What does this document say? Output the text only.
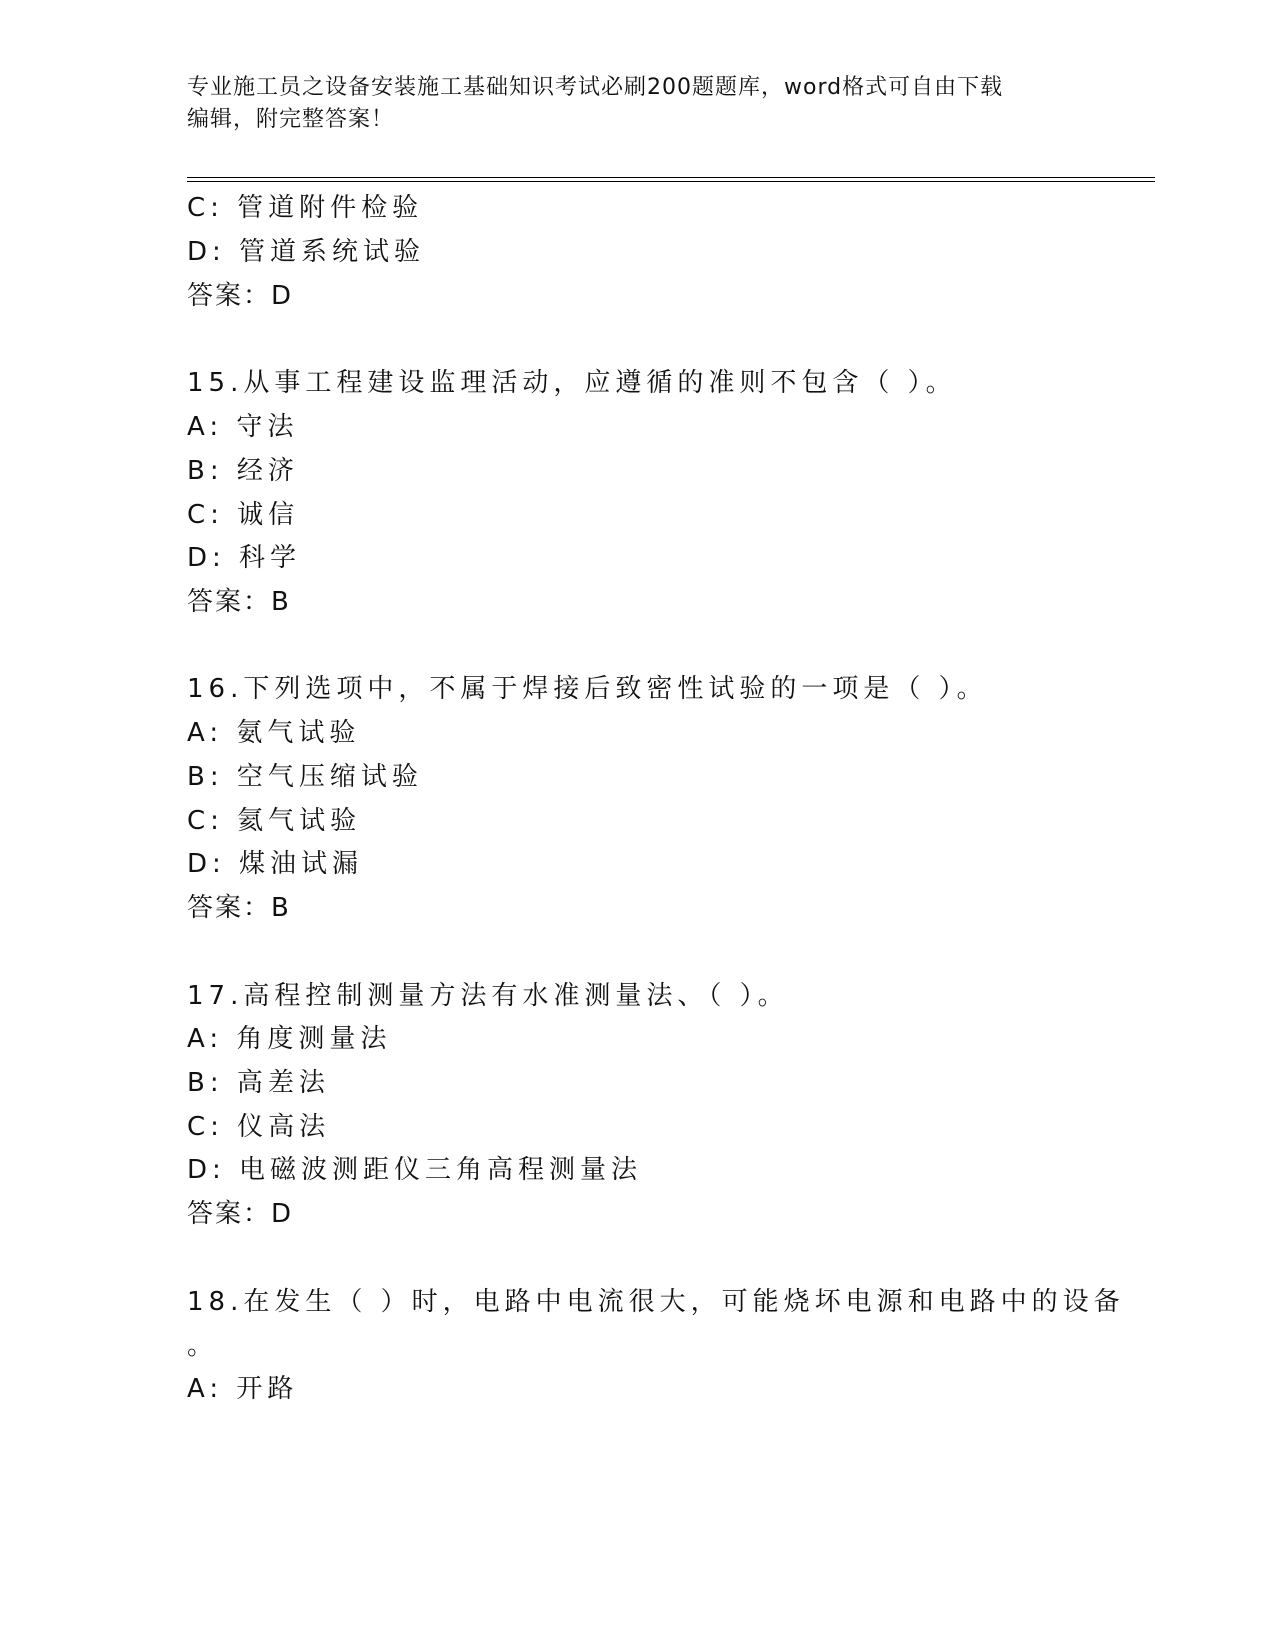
专业施工员之设备安装施工基础知识考试必刷200题题库，word格式可自由下载
编辑，附完整答案！
C: 管道附件检验
D: 管道系统试验
答案：D
15.从事工程建设监理活动，应遵循的准则不包含（ ）。
A: 守法
B: 经济
C: 诚信
D: 科学
答案：B
16.下列选项中，不属于焊接后致密性试验的一项是（ ）。
A: 氨气试验
B: 空气压缩试验
C: 氦气试验
D: 煤油试漏
答案：B
17.高程控制测量方法有水准测量法、（ ）。
A: 角度测量法
B: 高差法
C: 仪高法
D: 电磁波测距仪三角高程测量法
答案：D
18.在发生（ ）时，电路中电流很大，可能烧坏电源和电路中的设备
。
A: 开路
